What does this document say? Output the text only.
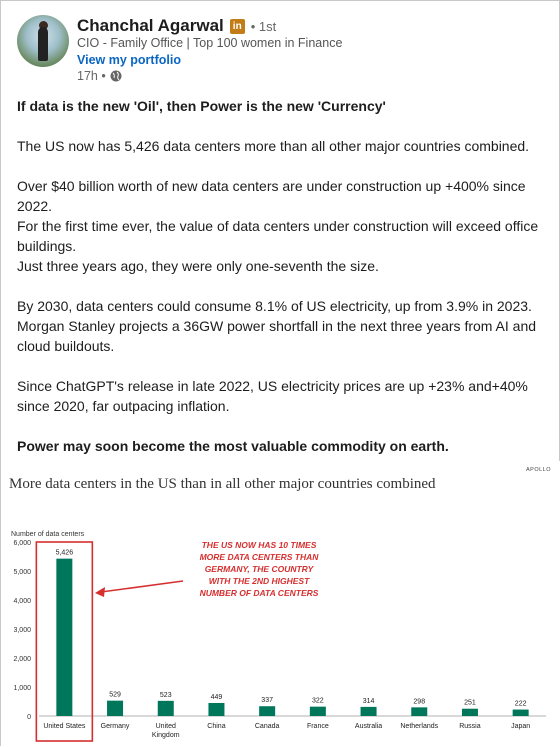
Chanchal Agarwal in • 1st
CIO - Family Office | Top 100 women in Finance
View my portfolio
17h •

If data is the new 'Oil', then Power is the new 'Currency'

The US now has 5,426 data centers more than all other major countries combined.

Over $40 billion worth of new data centers are under construction up +400% since 2022.

For the first time ever, the value of data centers under construction will exceed office buildings.

Just three years ago, they were only one-seventh the size.

By 2030, data centers could consume 8.1% of US electricity, up from 3.9% in 2023.

Morgan Stanley projects a 36GW power shortfall in the next three years from AI and cloud buildouts.

Since ChatGPT's release in late 2022, US electricity prices are up +23% and+40% since 2020, far outpacing inflation.

Power may soon become the most valuable commodity on earth.

More data centers in the US than in all other major countries combined
APOLLO
Number of data centers
0
1,000
2,000
3,000
4,000
5,000
6,000
5,426
United States
529
Germany
523
United
Kingdom
449
China
337
Canada
322
France
314
Australia
298
Netherlands
251
Russia
222
Japan
THE US NOW HAS 10 TIMES
MORE DATA CENTERS THAN
GERMANY, THE COUNTRY
WITH THE 2ND HIGHEST
NUMBER OF DATA CENTERS
